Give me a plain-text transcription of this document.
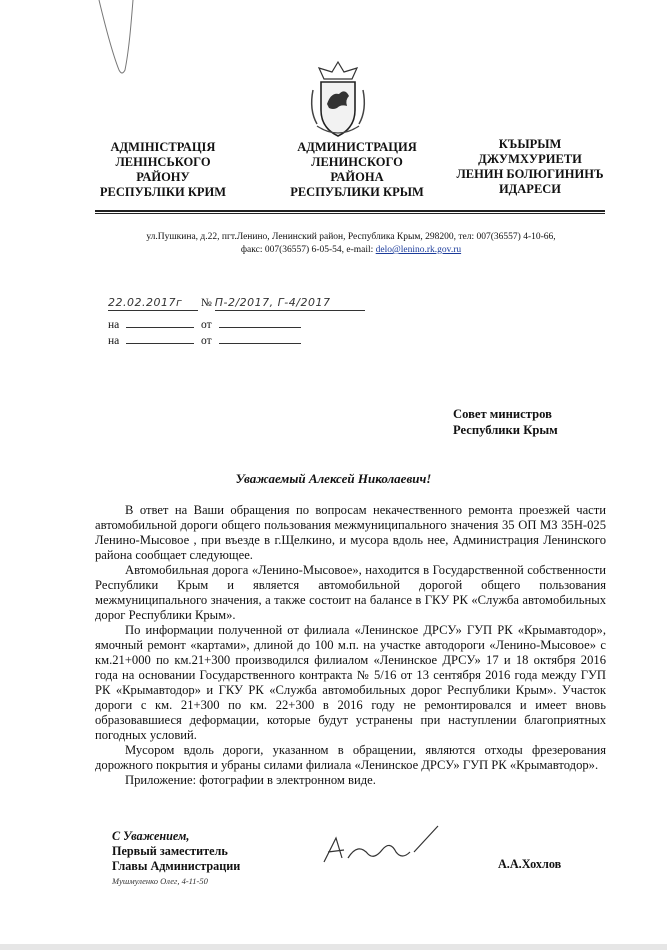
АДМІНІСТРАЦІЯ
ЛЕНІНСЬКОГО
РАЙОНУ
РЕСПУБЛІКИ КРИМ
АДМИНИСТРАЦИЯ
ЛЕНИНСКОГО
РАЙОНА
РЕСПУБЛИКИ КРЫМ
КЪЫРЫМ
ДЖУМХУРИЕТИ
ЛЕНИН БОЛЮГИНИНЪ
ИДАРЕСИ
ул.Пушкина, д.22, пгт.Ленино, Ленинский район, Республика Крым, 298200, тел: 007(36557) 4-10-66,
факс: 007(36557) 6-05-54, e-mail: delo@lenino.rk.gov.ru
22.02.2017г № П-2/2017, Г-4/2017
на	от
на	от
Совет министров
Республики Крым
Уважаемый Алексей Николаевич!

В ответ на Ваши обращения по вопросам некачественного ремонта проезжей части автомобильной дороги общего пользования межмуниципального значения 35 ОП МЗ 35Н-025 Ленино-Мысовое , при въезде в г.Щелкино, и мусора вдоль нее, Администрация Ленинского района сообщает следующее.

Автомобильная дорога «Ленино-Мысовое», находится в Государственной собственности Республики Крым и является автомобильной дорогой общего пользования межмуниципального значения, а также состоит на балансе в ГКУ РК «Служба автомобильных дорог Республики Крым».

По информации полученной от филиала «Ленинское ДРСУ» ГУП РК «Крымавтодор», ямочный ремонт «картами», длиной до 100 м.п. на участке автодороги «Ленино-Мысовое» с км.21+000 по км.21+300 производился филиалом «Ленинское ДРСУ» 17 и 18 октября 2016 года на основании Государственного контракта № 5/16 от 13 сентября 2016 года между ГУП РК «Крымавтодор» и ГКУ РК «Служба автомобильных дорог Республики Крым». Участок дороги с км. 21+300 по км. 22+300 в 2016 году не ремонтировался и имеет вновь образовавшиеся деформации, которые будут устранены при наступлении благоприятных погодных условий.

Мусором вдоль дороги, указанном в обращении, являются отходы фрезерования дорожного покрытия и убраны силами филиала «Ленинское ДРСУ» ГУП РК «Крымавтодор».

Приложение: фотографии в электронном виде.

С Уважением,
Первый заместитель
Главы Администрации
Мушмуленко Олег, 4-11-50
А.А.Хохлов
